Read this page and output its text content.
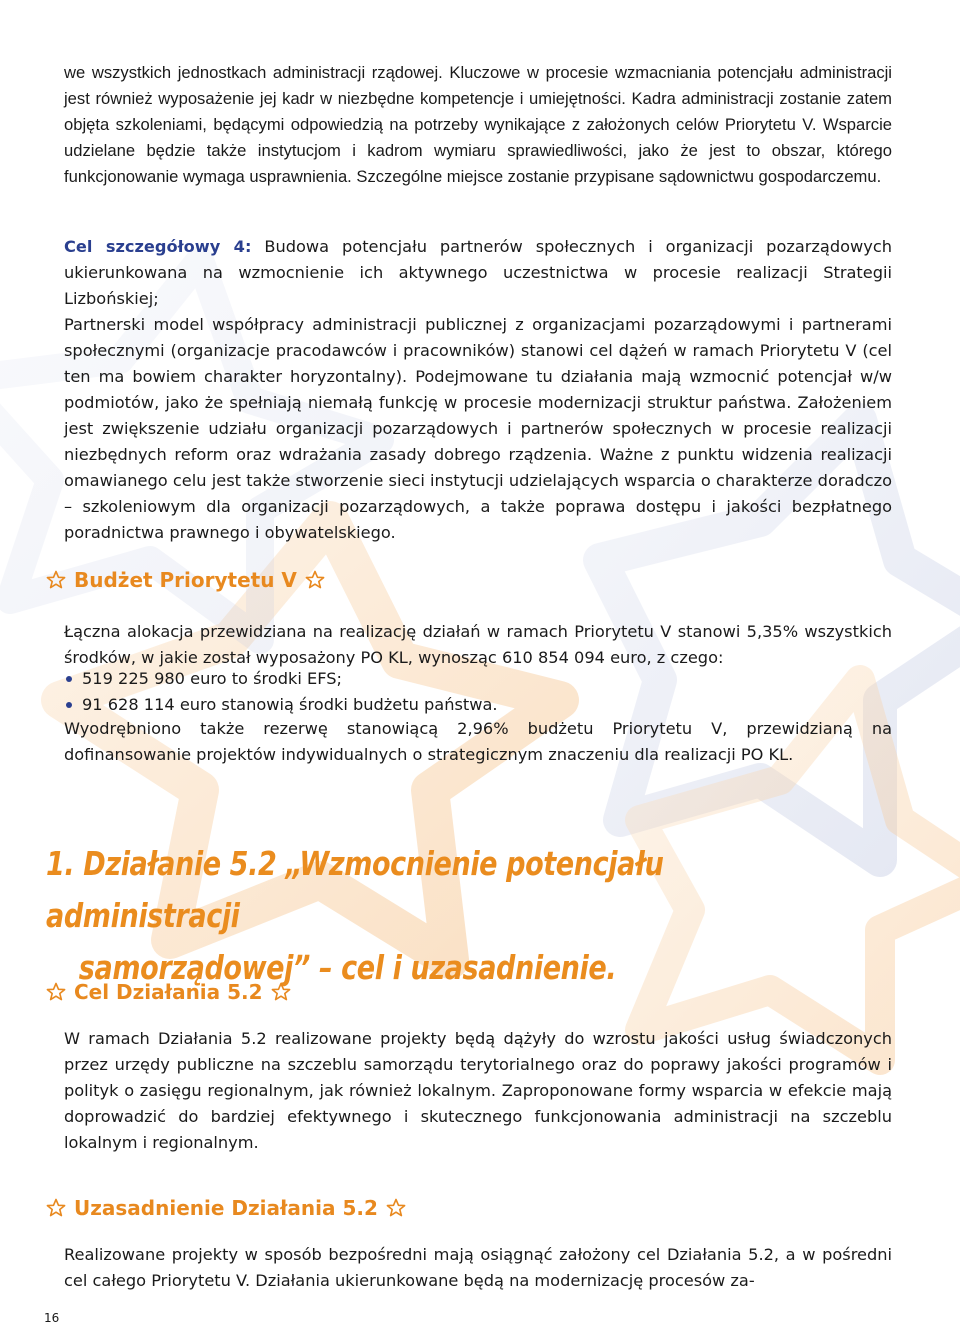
we wszystkich jednostkach administracji rządowej. Kluczowe w procesie wzmacniania potencjału administracji jest również wyposażenie jej kadr w niezbędne kompetencje i umiejętności. Kadra administracji zostanie zatem objęta szkoleniami, będącymi odpowiedzią na potrzeby wynikające z założonych celów Priorytetu V. Wsparcie udzielane będzie także instytucjom i kadrom wymiaru sprawiedliwości, jako że jest to obszar, którego funkcjonowanie wymaga usprawnienia. Szczególne miejsce zostanie przypisane sądownictwu gospodarczemu.

Cel szczegółowy 4: Budowa potencjału partnerów społecznych i organizacji pozarządowych ukierunkowana na wzmocnienie ich aktywnego uczestnictwa w procesie realizacji Strategii Lizbońskiej;

Partnerski model współpracy administracji publicznej z organizacjami pozarządowymi i partnerami społecznymi (organizacje pracodawców i pracowników) stanowi cel dążeń w ramach Priorytetu V (cel ten ma bowiem charakter horyzontalny). Podejmowane tu działania mają wzmocnić potencjał w/w podmiotów, jako że spełniają niemałą funkcję w procesie modernizacji struktur państwa. Założeniem jest zwiększenie udziału organizacji pozarządowych i partnerów społecznych w procesie realizacji niezbędnych reform oraz wdrażania zasady dobrego rządzenia. Ważne z punktu widzenia realizacji omawianego celu jest także stworzenie sieci instytucji udzielających wsparcia o charakterze doradczo – szkoleniowym dla organizacji pozarządowych, a także poprawa dostępu i jakości bezpłatnego poradnictwa prawnego i obywatelskiego.

Budżet Priorytetu V

Łączna alokacja przewidziana na realizację działań w ramach Priorytetu V stanowi 5,35% wszystkich środków, w jakie został wyposażony PO KL, wynosząc 610 854 094 euro, z czego:

519 225 980 euro to środki EFS;
91 628 114 euro stanowią środki budżetu państwa.

Wyodrębniono także rezerwę stanowiącą 2,96% budżetu Priorytetu V, przewidzianą na dofinansowanie projektów indywidualnych o strategicznym znaczeniu dla realizacji PO KL.

1. Działanie 5.2 „Wzmocnienie potencjału administracji
samorządowej” – cel i uzasadnienie.
Cel Działania 5.2

W ramach Działania 5.2 realizowane projekty będą dążyły do wzrostu jakości usług świadczonych przez urzędy publiczne na szczeblu samorządu terytorialnego oraz do poprawy jakości programów i polityk o zasięgu regionalnym, jak również lokalnym. Zaproponowane formy wsparcia w efekcie mają doprowadzić do bardziej efektywnego i skutecznego funkcjonowania administracji na szczeblu lokalnym i regionalnym.

Uzasadnienie Działania 5.2

Realizowane projekty w sposób bezpośredni mają osiągnąć założony cel Działania 5.2, a w pośredni cel całego Priorytetu V. Działania ukierunkowane będą na modernizację procesów za-

16
